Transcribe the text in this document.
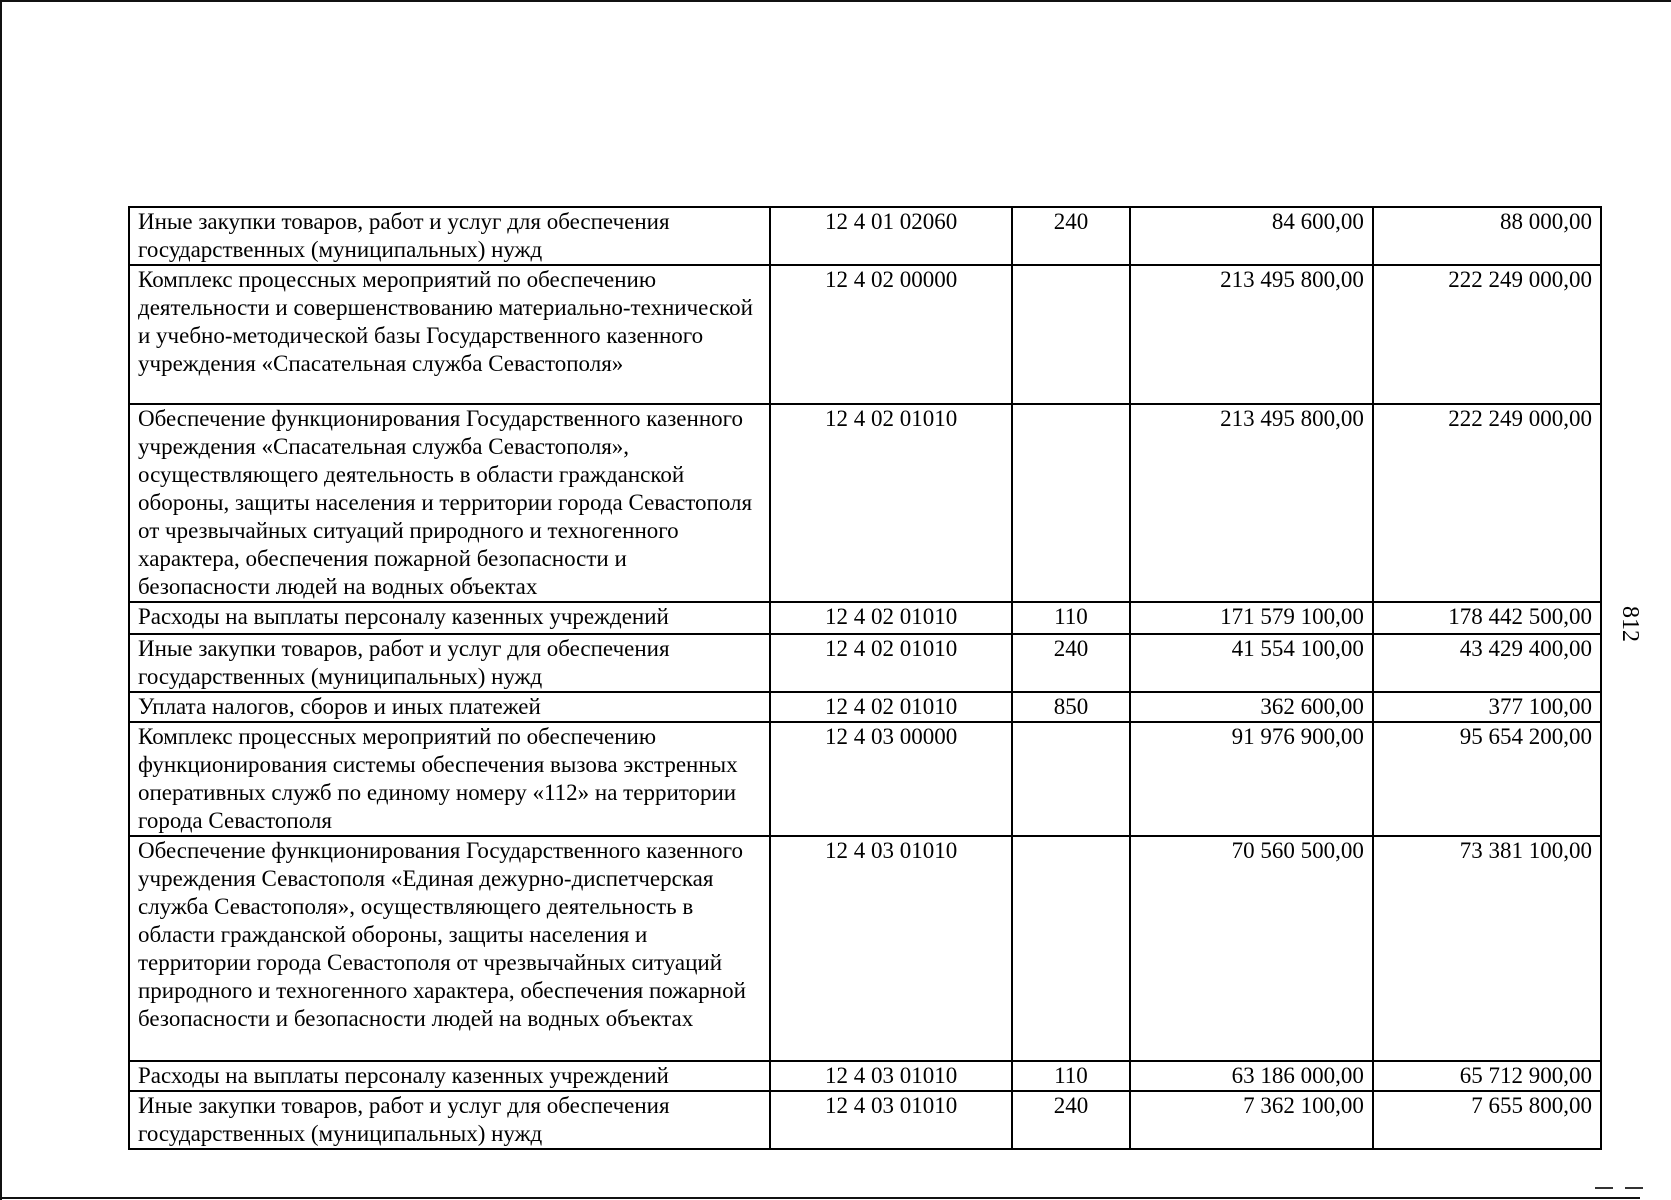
Иные закупки товаров, работ и услуг для обеспечения государственных (муниципальных) нужд	12 4 01 02060	240	84 600,00	88 000,00
Комплекс процессных мероприятий по обеспечению деятельности и совершенствованию материально-технической и учебно-методической базы Государственного казенного учреждения «Спасательная служба Севастополя»	12 4 02 00000		213 495 800,00	222 249 000,00
Обеспечение функционирования Государственного казенного учреждения «Спасательная служба Севастополя», осуществляющего деятельность в области гражданской обороны, защиты населения и территории города Севастополя от чрезвычайных ситуаций природного и техногенного характера, обеспечения пожарной безопасности и безопасности людей на водных объектах	12 4 02 01010		213 495 800,00	222 249 000,00
Расходы на выплаты персоналу казенных учреждений	12 4 02 01010	110	171 579 100,00	178 442 500,00
Иные закупки товаров, работ и услуг для обеспечения государственных (муниципальных) нужд	12 4 02 01010	240	41 554 100,00	43 429 400,00
Уплата налогов, сборов и иных платежей	12 4 02 01010	850	362 600,00	377 100,00
Комплекс процессных мероприятий по обеспечению функционирования системы обеспечения вызова экстренных оперативных служб по единому номеру «112» на территории города Севастополя	12 4 03 00000		91 976 900,00	95 654 200,00
Обеспечение функционирования Государственного казенного учреждения Севастополя «Единая дежурно-диспетчерская служба Севастополя», осуществляющего деятельность в области гражданской обороны, защиты населения и территории города Севастополя от чрезвычайных ситуаций природного и техногенного характера, обеспечения пожарной безопасности и безопасности людей на водных объектах	12 4 03 01010		70 560 500,00	73 381 100,00
Расходы на выплаты персоналу казенных учреждений	12 4 03 01010	110	63 186 000,00	65 712 900,00
Иные закупки товаров, работ и услуг для обеспечения государственных (муниципальных) нужд	12 4 03 01010	240	7 362 100,00	7 655 800,00
812
